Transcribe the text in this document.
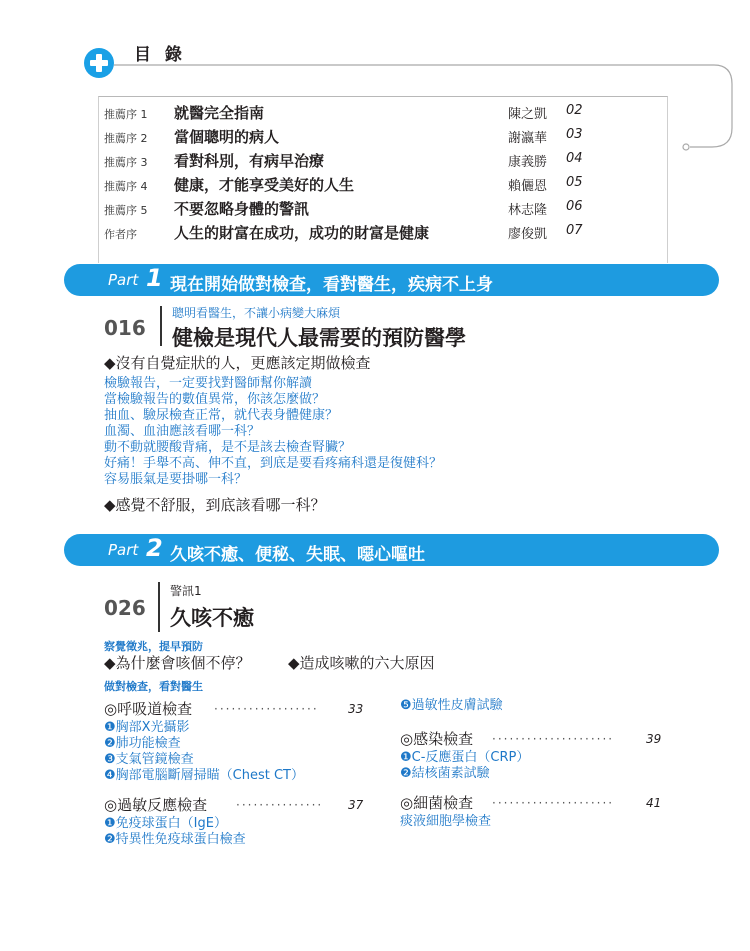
目 錄
推薦序 1 就醫完全指南	陳之凱 02
推薦序 2 當個聰明的病人	謝瀛華 03
推薦序 3 看對科別，有病早治療	康義勝 04
推薦序 4 健康，才能享受美好的人生	賴儷恩 05
推薦序 5 不要忽略身體的警訊	林志隆 06
作者序 人生的財富在成功，成功的財富是健康	廖俊凱 07
Part 1 現在開始做對檢查，看對醫生，疾病不上身
016
聰明看醫生，不讓小病變大麻煩
健檢是現代人最需要的預防醫學
◆沒有自覺症狀的人，更應該定期做檢查
檢驗報告，一定要找對醫師幫你解讀
當檢驗報告的數值異常，你該怎麼做？
抽血、驗尿檢查正常，就代表身體健康？
血濁、血油應該看哪一科？
動不動就腰酸背痛，是不是該去檢查腎臟？
好痛！手舉不高、伸不直，到底是要看疼痛科還是復健科？
容易脹氣是要掛哪一科？
◆感覺不舒服，到底該看哪一科？
Part 2 久咳不癒、便秘、失眠、噁心嘔吐
026
警訊1
久咳不癒
察覺徵兆，提早預防
◆為什麼會咳個不停？ ◆造成咳嗽的六大原因
做對檢查，看對醫生
◎呼吸道檢查 ·················· 33
❶胸部X光攝影
❷肺功能檢查
❸支氣管鏡檢查
❹胸部電腦斷層掃瞄（Chest CT）
◎過敏反應檢查 ··············· 37
❶免疫球蛋白（IgE）
❷特異性免疫球蛋白檢查
❺過敏性皮膚試驗
◎感染檢查 ·····················	39
❶C-反應蛋白（CRP）
❷結核菌素試驗
◎細菌檢查 ·····················	41
痰液細胞學檢查
